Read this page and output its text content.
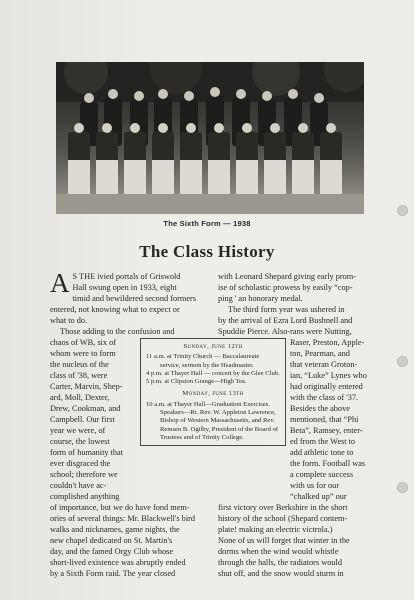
The Sixth Form — 1938
The Class History
A S THE ivied portals of Griswold

Hall swung open in 1933, eight

timid and bewildered second formers

entered, not knowing what to expect or

what to do.

Those adding to the confusion and

with Leonard Shepard giving early prom-

ise of scholastic prowess by easily “cop-

ping ' an honorary medal.

The third form year was ushered in

by the arrival of Ezra Lord Bushnell and

Spuddie Pierce. Also-rans were Nutting,

chaos of WB, six of

whom were to form

the nucleus of the

class of '38, were

Carter, Marvin, Shep-

ard, Moll, Dexter,

Drew, Cookman, and

Campbell. Our first

year we were, of

course, the lowest

form of humanity that

ever disgraced the

school; therefore we

couldn't have ac-

complished anything

Raser, Preston, Apple-

ton, Pearman, and

that veteran Groton-

ian, “Luke” Lynes who

had originally entered

with the class of '37.

Besides the above

mentioned, that “Phi

Beta”, Ramsey, enter-

ed from the West to

add athletic tone to

the form. Football was

a complete success

with us for our

“chalked up” our

Sunday, June 12th
11 a.m. at Trinity Church — Baccalaureate service, sermon by the Headmaster.
4 p.m. at Thayer Hall — concert by the Glee Club.
5 p.m. at Clipston Grange—High Tea.
Monday, June 13th
10 a.m. at Thayer Hall—Graduation Exercises. Speakers—Rt. Rev. W. Appleton Lawrence, Bishop of Western Massachusetts, and Rev. Remsen B. Ogilby, President of the Board of Trustees and of Trinity College.

of importance, but we do have fond mem-

ories of several things: Mr. Blackwell's bird

walks and nicknames, game nights, the

new chapel dedicated on St. Martin's

day, and the famed Orgy Club whose

short-lived existence was abruptly ended

by a Sixth Form raid. The year closed

first victory over Berkshire in the short

history of the school (Shepard contem-

plate! making an electric victrola.)

None of us will forget that winter in the

dorms when the wind would whistle

through the halls, the radiators would

shut off, and the snow would sturm in
